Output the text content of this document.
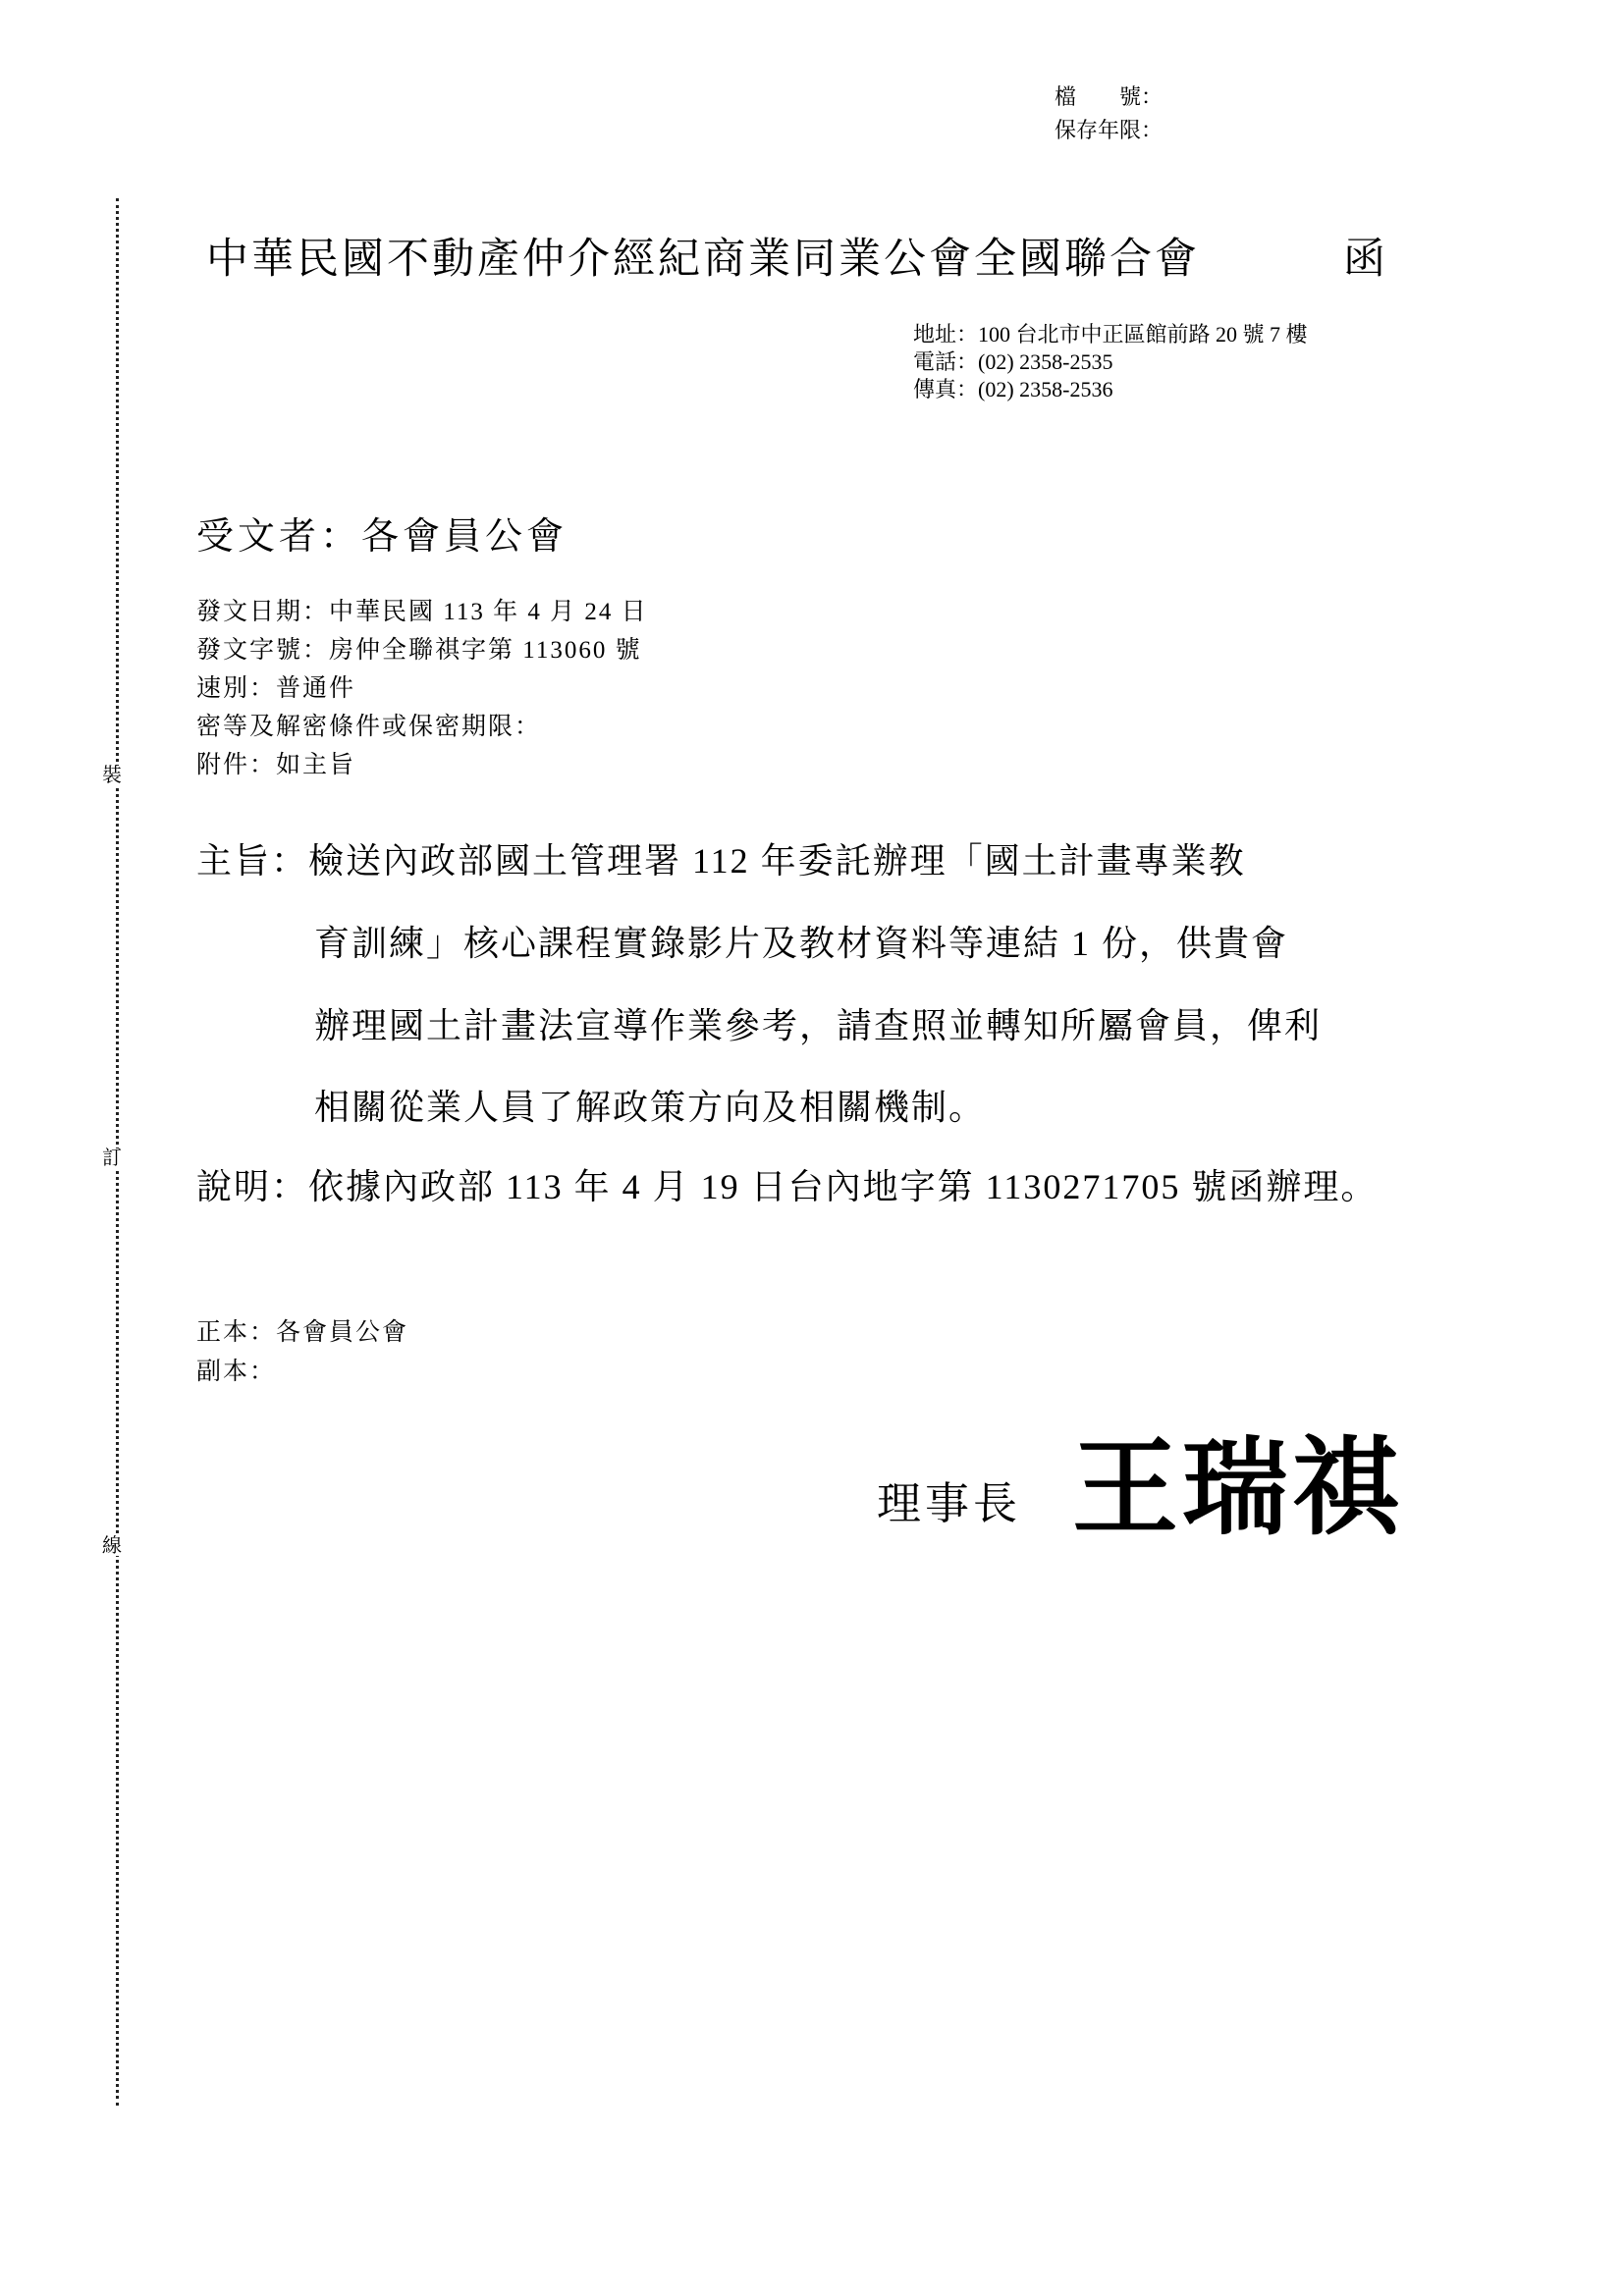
檔　　號：
保存年限：
裝
訂
線
中華民國不動產仲介經紀商業同業公會全國聯合會	函
地址：100 台北市中正區館前路 20 號 7 樓
電話：(02) 2358-2535
傳真：(02) 2358-2536
受文者：各會員公會
發文日期：中華民國 113 年 4 月 24 日
發文字號：房仲全聯祺字第 113060 號
速別：普通件
密等及解密條件或保密期限：
附件：如主旨
主旨：檢送內政部國土管理署 112 年委託辦理「國土計畫專業教
育訓練」核心課程實錄影片及教材資料等連結 1 份，供貴會
辦理國土計畫法宣導作業參考，請查照並轉知所屬會員，俾利
相關從業人員了解政策方向及相關機制。
說明：依據內政部 113 年 4 月 19 日台內地字第 1130271705 號函辦理。
正本：各會員公會
副本：
理事長 王瑞祺
